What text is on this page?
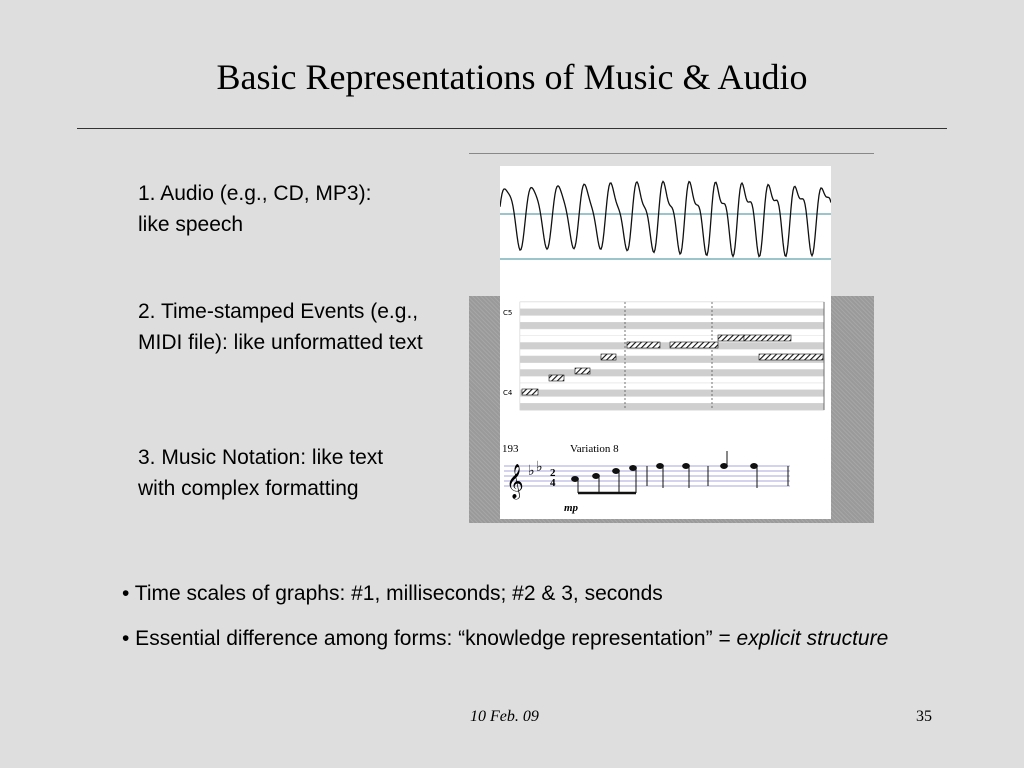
Basic Representations of Music & Audio
1. Audio (e.g., CD, MP3): like speech
2. Time-stamped Events (e.g., MIDI file): like unformatted text
3. Music Notation: like text with complex formatting
C5
C4
193	Variation 8
𝄞 ♭ ♭ 2
4
mp
• Time scales of graphs: #1, milliseconds; #2 & 3, seconds
• Essential difference among forms: “knowledge representation” = explicit structure
10 Feb. 09	35
